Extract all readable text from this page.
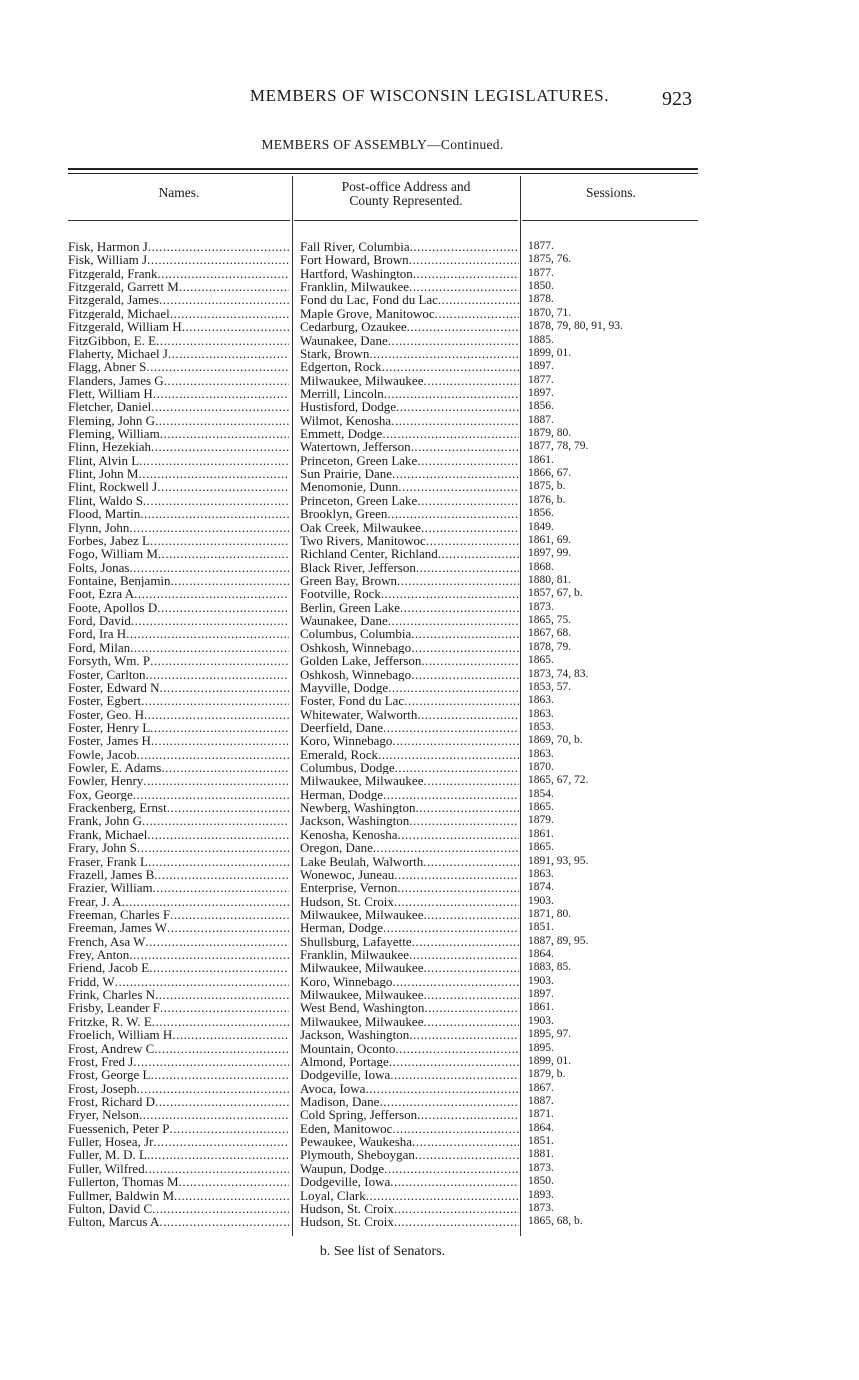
MEMBERS OF WISCONSIN LEGISLATURES.	923
MEMBERS OF ASSEMBLY—Continued.
Names.	Post-office Address and
County Represented.
Sessions.
Fisk, Harmon J .....	Fall River, Columbia .....	1877.
Fisk, William J .....	Fort Howard, Brown .....	1875, 76.
Fitzgerald, Frank .....	Hartford, Washington .....	1877.
Fitzgerald, Garrett M .....	Franklin, Milwaukee .....	1850.
Fitzgerald, James .....	Fond du Lac, Fond du Lac .....	1878.
Fitzgerald, Michael .....	Maple Grove, Manitowoc .....	1870, 71.
Fitzgerald, William H .....	Cedarburg, Ozaukee .....	1878, 79, 80, 91, 93.
FitzGibbon, E. E .....	Waunakee, Dane .....	1885.
Flaherty, Michael J .....	Stark, Brown .....	1899, 01.
Flagg, Abner S .....	Edgerton, Rock .....	1897.
Flanders, James G .....	Milwaukee, Milwaukee .....	1877.
Flett, William H .....	Merrill, Lincoln .....	1897.
Fletcher, Daniel .....	Hustisford, Dodge .....	1856.
Fleming, John G .....	Wilmot, Kenosha .....	1887.
Fleming, William .....	Emmett, Dodge .....	1879, 80.
Flinn, Hezekiah .....	Watertown, Jefferson .....	1877, 78, 79.
Flint, Alvin L .....	Princeton, Green Lake .....	1861.
Flint, John M .....	Sun Prairie, Dane .....	1866, 67.
Flint, Rockwell J .....	Menomonie, Dunn .....	1875, b.
Flint, Waldo S .....	Princeton, Green Lake .....	1876, b.
Flood, Martin .....	Brooklyn, Green .....	1856.
Flynn, John .....	Oak Creek, Milwaukee .....	1849.
Forbes, Jabez L .....	Two Rivers, Manitowoc .....	1861, 69.
Fogo, William M .....	Richland Center, Richland .....	1897, 99.
Folts, Jonas .....	Black River, Jefferson .....	1868.
Fontaine, Benjamin .....	Green Bay, Brown .....	1880, 81.
Foot, Ezra A .....	Footville, Rock .....	1857, 67, b.
Foote, Apollos D .....	Berlin, Green Lake .....	1873.
Ford, David .....	Waunakee, Dane .....	1865, 75.
Ford, Ira H .....	Columbus, Columbia .....	1867, 68.
Ford, Milan .....	Oshkosh, Winnebago .....	1878, 79.
Forsyth, Wm. P .....	Golden Lake, Jefferson .....	1865.
Foster, Carlton .....	Oshkosh, Winnebago .....	1873, 74, 83.
Foster, Edward N .....	Mayville, Dodge .....	1853, 57.
Foster, Egbert .....	Foster, Fond du Lac .....	1863.
Foster, Geo. H .....	Whitewater, Walworth .....	1863.
Foster, Henry L .....	Deerfield, Dane .....	1853.
Foster, James H .....	Koro, Winnebago .....	1869, 70, b.
Fowle, Jacob .....	Emerald, Rock .....	1863.
Fowler, E. Adams .....	Columbus, Dodge .....	1870.
Fowler, Henry .....	Milwaukee, Milwaukee .....	1865, 67, 72.
Fox, George .....	Herman, Dodge .....	1854.
Frackenberg, Ernst .....	Newberg, Washington .....	1865.
Frank, John G .....	Jackson, Washington .....	1879.
Frank, Michael .....	Kenosha, Kenosha .....	1861.
Frary, John S .....	Oregon, Dane .....	1865.
Fraser, Frank L .....	Lake Beulah, Walworth .....	1891, 93, 95.
Frazell, James B .....	Wonewoc, Juneau .....	1863.
Frazier, William .....	Enterprise, Vernon .....	1874.
Frear, J. A .....	Hudson, St. Croix .....	1903.
Freeman, Charles F .....	Milwaukee, Milwaukee .....	1871, 80.
Freeman, James W .....	Herman, Dodge .....	1851.
French, Asa W .....	Shullsburg, Lafayette .....	1887, 89, 95.
Frey, Anton .....	Franklin, Milwaukee .....	1864.
Friend, Jacob E .....	Milwaukee, Milwaukee .....	1883, 85.
Fridd, W .....	Koro, Winnebago .....	1903.
Frink, Charles N .....	Milwaukee, Milwaukee .....	1897.
Frisby, Leander F .....	West Bend, Washington .....	1861.
Fritzke, R. W. E .....	Milwaukee, Milwaukee .....	1903.
Froelich, William H .....	Jackson, Washington .....	1895, 97.
Frost, Andrew C .....	Mountain, Oconto .....	1895.
Frost, Fred J .....	Almond, Portage .....	1899, 01.
Frost, George L .....	Dodgeville, Iowa .....	1879, b.
Frost, Joseph .....	Avoca, Iowa .....	1867.
Frost, Richard D .....	Madison, Dane .....	1887.
Fryer, Nelson .....	Cold Spring, Jefferson .....	1871.
Fuessenich, Peter P .....	Eden, Manitowoc .....	1864.
Fuller, Hosea, Jr .....	Pewaukee, Waukesha .....	1851.
Fuller, M. D. L .....	Plymouth, Sheboygan .....	1881.
Fuller, Wilfred .....	Waupun, Dodge .....	1873.
Fullerton, Thomas M .....	Dodgeville, Iowa .....	1850.
Fullmer, Baldwin M .....	Loyal, Clark .....	1893.
Fulton, David C .....	Hudson, St. Croix .....	1873.
Fulton, Marcus A .....	Hudson, St. Croix .....	1865, 68, b.
b. See list of Senators.
